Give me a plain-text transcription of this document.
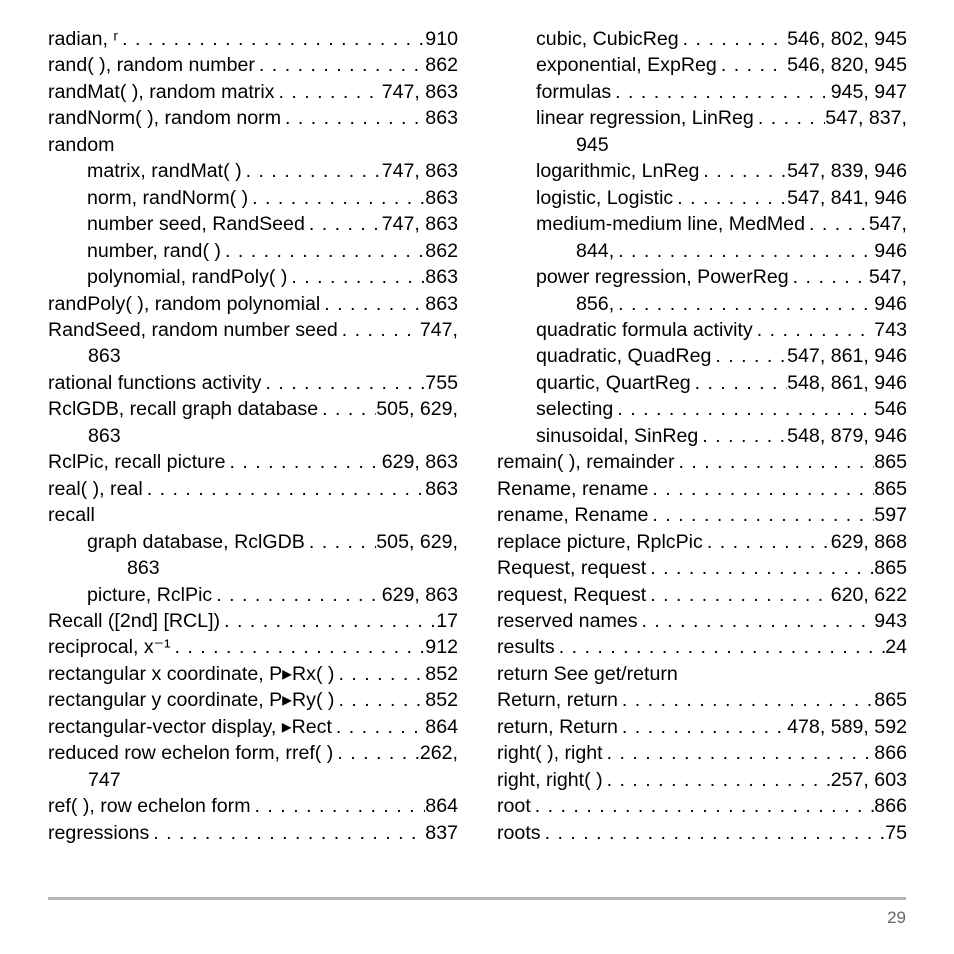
radian, ʳ . . .	910
rand( ), random number . . .	862
randMat( ), random matrix . . .	747, 863
randNorm( ), random norm . . .	863
random
matrix, randMat( ) . . .	747, 863
norm, randNorm( ) . . .	863
number seed, RandSeed . . .	747, 863
number, rand( ) . . .	862
polynomial, randPoly( ) . . .	863
randPoly( ), random polynomial . . .	863
RandSeed, random number seed . . .	747,
863
rational functions activity . . .	755
RclGDB, recall graph database . . .	505, 629,
863
RclPic, recall picture . . .	629, 863
real( ), real . . .	863
recall
graph database, RclGDB . . .	505, 629,
863
picture, RclPic . . .	629, 863
Recall ([2nd] [RCL]) . . .	17
reciprocal, x⁻¹ . . .	912
rectangular x coordinate, P▸Rx( ) . . .	852
rectangular y coordinate, P▸Ry( ) . . .	852
rectangular-vector display, ▸Rect . . .	864
reduced row echelon form, rref( ) . . .	262,
747
ref( ), row echelon form . . .	864
regressions . . .	837
cubic, CubicReg . . .	546, 802, 945
exponential, ExpReg . . .	546, 820, 945
formulas . . .	945, 947
linear regression, LinReg . . .	547, 837,
945
logarithmic, LnReg . . .	547, 839, 946
logistic, Logistic . . .	547, 841, 946
medium-medium line, MedMed . . .	547,
844, . . .	946
power regression, PowerReg . . .	547,
856, . . .	946
quadratic formula activity . . .	743
quadratic, QuadReg . . .	547, 861, 946
quartic, QuartReg . . .	548, 861, 946
selecting . . .	546
sinusoidal, SinReg . . .	548, 879, 946
remain( ), remainder . . .	865
Rename, rename . . .	865
rename, Rename . . .	597
replace picture, RplcPic . . .	629, 868
Request, request . . .	865
request, Request . . .	620, 622
reserved names . . .	943
results . . .	24
return See get/return
Return, return . . .	865
return, Return . . .	478, 589, 592
right( ), right . . .	866
right, right( ) . . .	257, 603
root . . .	866
roots . . .	75
29
